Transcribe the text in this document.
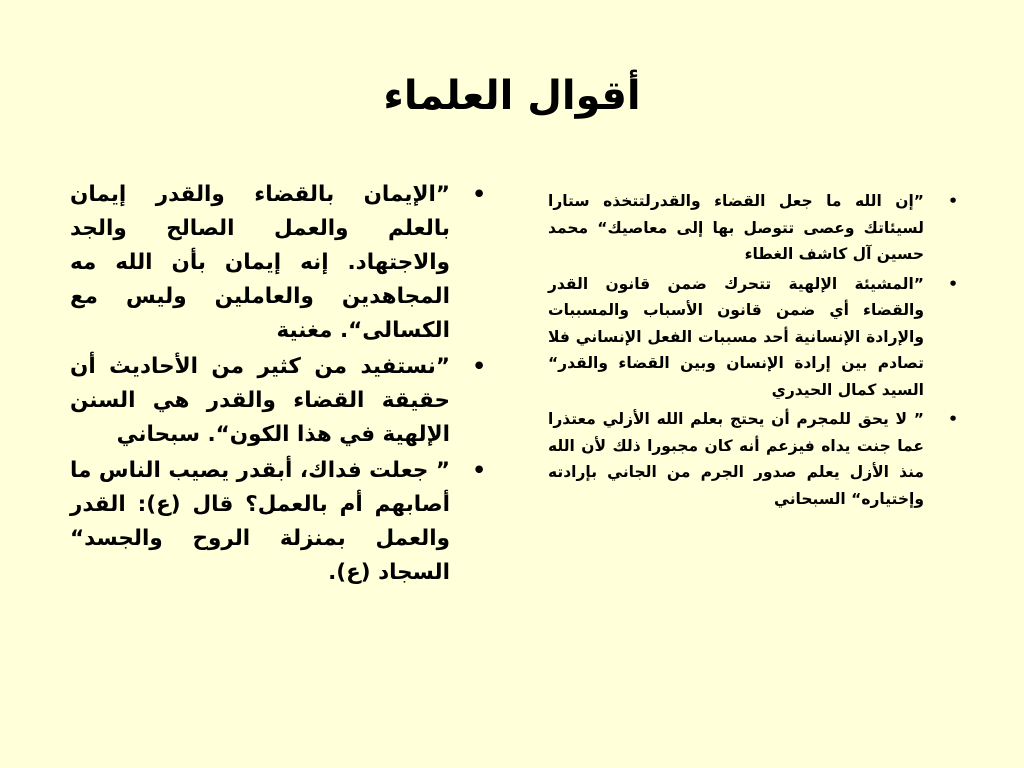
أقوال العلماء
•
”إن الله ما جعل القضاء والقدرلتتخذه ستارا لسيئاتك وعصى تتوصل بها إلى معاصيك“ محمد حسين آل كاشف الغطاء
•
”المشيئة الإلهية تتحرك ضمن قانون القدر والقضاء أي ضمن قانون الأسباب والمسببات والإرادة الإنسانية أحد مسببات الفعل الإنساني فلا تصادم بين إرادة الإنسان وبين القضاء والقدر“ السيد كمال الحيدري
•
” لا يحق للمجرم أن يحتج بعلم الله الأزلي معتذرا عما جنت يداه فيزعم أنه كان مجبورا ذلك لأن الله منذ الأزل يعلم صدور الجرم من الجاني بإرادته وإختياره“ السبحاني
•
”الإيمان بالقضاء والقدر إيمان بالعلم والعمل الصالح والجد والاجتهاد. إنه إيمان بأن الله مه المجاهدين والعاملين وليس مع الكسالى“. مغنية
•
”نستفيد من كثير من الأحاديث أن حقيقة القضاء والقدر هي السنن الإلهية في هذا الكون“. سبحاني
•
” جعلت فداك، أبقدر يصيب الناس ما أصابهم أم بالعمل؟ قال (ع): القدر والعمل بمنزلة الروح والجسد“ السجاد (ع).
